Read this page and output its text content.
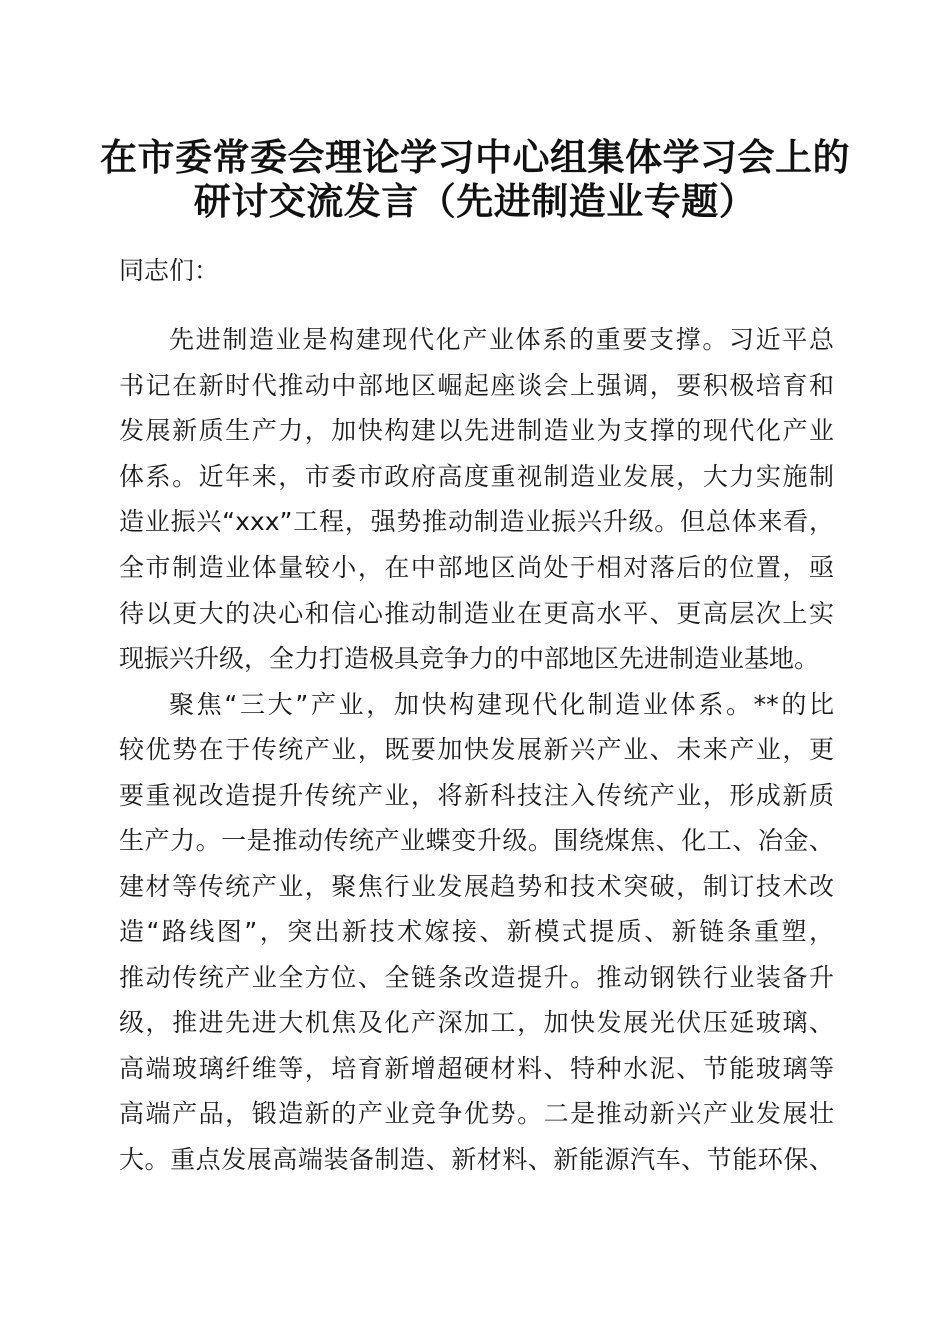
在市委常委会理论学习中心组集体学习会上的
研讨交流发言（先进制造业专题）
同志们：
先进制造业是构建现代化产业体系的重要支撑。习近平总
书记在新时代推动中部地区崛起座谈会上强调，要积极培育和
发展新质生产力，加快构建以先进制造业为支撑的现代化产业
体系。近年来，市委市政府高度重视制造业发展，大力实施制
造业振兴“xxx”工程，强势推动制造业振兴升级。但总体来看，
全市制造业体量较小，在中部地区尚处于相对落后的位置，亟
待以更大的决心和信心推动制造业在更高水平、更高层次上实
现振兴升级，全力打造极具竞争力的中部地区先进制造业基地。
聚焦“三大”产业，加快构建现代化制造业体系。**的比
较优势在于传统产业，既要加快发展新兴产业、未来产业，更
要重视改造提升传统产业，将新科技注入传统产业，形成新质
生产力。一是推动传统产业蝶变升级。围绕煤焦、化工、冶金、
建材等传统产业，聚焦行业发展趋势和技术突破，制订技术改
造“路线图”，突出新技术嫁接、新模式提质、新链条重塑，
推动传统产业全方位、全链条改造提升。推动钢铁行业装备升
级，推进先进大机焦及化产深加工，加快发展光伏压延玻璃、
高端玻璃纤维等，培育新增超硬材料、特种水泥、节能玻璃等
高端产品，锻造新的产业竞争优势。二是推动新兴产业发展壮
大。重点发展高端装备制造、新材料、新能源汽车、节能环保、
